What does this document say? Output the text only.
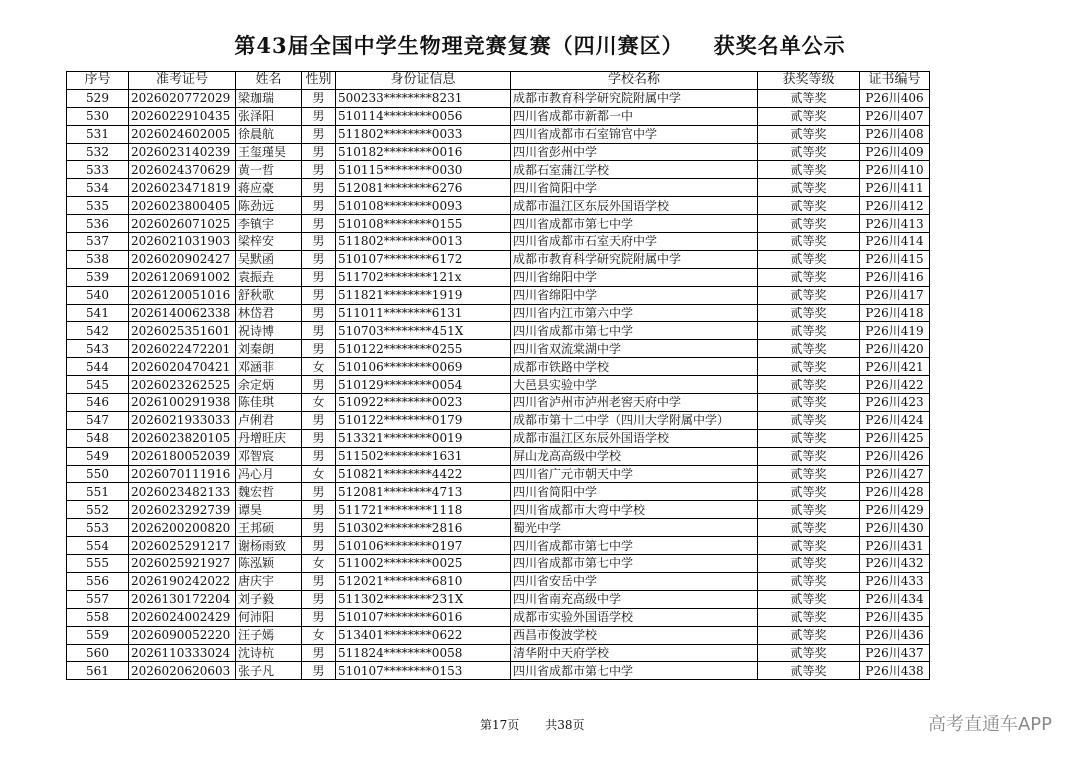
第43届全国中学生物理竞赛复赛（四川赛区） 获奖名单公示
序号	准考证号	姓名	性别	身份证信息	学校名称	获奖等级	证书编号
529	2026020772029	梁珈瑞	男	500233********8231	成都市教育科学研究院附属中学	贰等奖	P26川406
530	2026022910435	张泽阳	男	510114********0056	四川省成都市新都一中	贰等奖	P26川407
531	2026024602005	徐晨航	男	511802********0033	四川省成都市石室锦官中学	贰等奖	P26川408
532	2026023140239	王玺瑾昊	男	510182********0016	四川省彭州中学	贰等奖	P26川409
533	2026024370629	黄一哲	男	510115********0030	成都石室蒲江学校	贰等奖	P26川410
534	2026023471819	蒋应豪	男	512081********6276	四川省简阳中学	贰等奖	P26川411
535	2026023800405	陈劲远	男	510108********0093	成都市温江区东辰外国语学校	贰等奖	P26川412
536	2026026071025	李镇宇	男	510108********0155	四川省成都市第七中学	贰等奖	P26川413
537	2026021031903	梁梓安	男	511802********0013	四川省成都市石室天府中学	贰等奖	P26川414
538	2026020902427	吴默函	男	510107********6172	成都市教育科学研究院附属中学	贰等奖	P26川415
539	2026120691002	袁振垚	男	511702********121x	四川省绵阳中学	贰等奖	P26川416
540	2026120051016	舒秋歌	男	511821********1919	四川省绵阳中学	贰等奖	P26川417
541	2026140062338	林岱君	男	511011********6131	四川省内江市第六中学	贰等奖	P26川418
542	2026025351601	祝诗博	男	510703********451X	四川省成都市第七中学	贰等奖	P26川419
543	2026022472201	刘秦朗	男	510122********0255	四川省双流棠湖中学	贰等奖	P26川420
544	2026020470421	邓涵菲	女	510106********0069	成都市铁路中学校	贰等奖	P26川421
545	2026023262525	余定炳	男	510129********0054	大邑县实验中学	贰等奖	P26川422
546	2026100291938	陈佳琪	女	510922********0023	四川省泸州市泸州老窖天府中学	贰等奖	P26川423
547	2026021933033	卢俐君	男	510122********0179	成都市第十二中学（四川大学附属中学）	贰等奖	P26川424
548	2026023820105	丹增旺庆	男	513321********0019	成都市温江区东辰外国语学校	贰等奖	P26川425
549	2026180052039	邓智宸	男	511502********1631	屏山龙高高级中学校	贰等奖	P26川426
550	2026070111916	冯心月	女	510821********4422	四川省广元市朝天中学	贰等奖	P26川427
551	2026023482133	魏宏哲	男	512081********4713	四川省简阳中学	贰等奖	P26川428
552	2026023292739	谭昊	男	511721********1118	四川省成都市大弯中学校	贰等奖	P26川429
553	2026200200820	王邦硕	男	510302********2816	蜀光中学	贰等奖	P26川430
554	2026025291217	谢杨雨致	男	510106********0197	四川省成都市第七中学	贰等奖	P26川431
555	2026025921927	陈泓颖	女	511002********0025	四川省成都市第七中学	贰等奖	P26川432
556	2026190242022	唐庆宇	男	512021********6810	四川省安岳中学	贰等奖	P26川433
557	2026130172204	刘子毅	男	511302********231X	四川省南充高级中学	贰等奖	P26川434
558	2026024002429	何沛阳	男	510107********6016	成都市实验外国语学校	贰等奖	P26川435
559	2026090052220	汪子嫣	女	513401********0622	西昌市俊波学校	贰等奖	P26川436
560	2026110333024	沈诗杭	男	511824********0058	清华附中天府学校	贰等奖	P26川437
561	2026020620603	张子凡	男	510107********0153	四川省成都市第七中学	贰等奖	P26川438
第17页 共38页	高考直通车APP
